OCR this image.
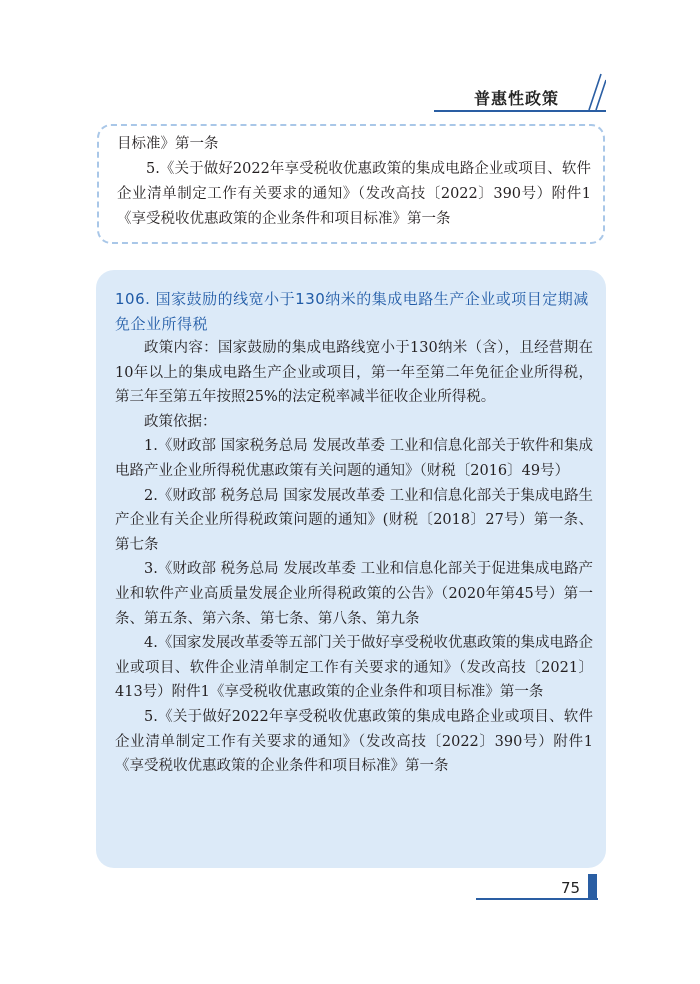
普惠性政策

目标准》第一条

5.《关于做好2022年享受税收优惠政策的集成电路企业或项目、软件企业清单制定工作有关要求的通知》（发改高技〔2022〕390号）附件1《享受税收优惠政策的企业条件和项目标准》第一条

106. 国家鼓励的线宽小于130纳米的集成电路生产企业或项目定期减免企业所得税

政策内容：国家鼓励的集成电路线宽小于130纳米（含），且经营期在10年以上的集成电路生产企业或项目，第一年至第二年免征企业所得税，第三年至第五年按照25%的法定税率减半征收企业所得税。

政策依据：

1.《财政部 国家税务总局 发展改革委 工业和信息化部关于软件和集成电路产业企业所得税优惠政策有关问题的通知》（财税〔2016〕49号）

2.《财政部 税务总局 国家发展改革委 工业和信息化部关于集成电路生产企业有关企业所得税政策问题的通知》(财税〔2018〕27号）第一条、第七条

3.《财政部 税务总局 发展改革委 工业和信息化部关于促进集成电路产业和软件产业高质量发展企业所得税政策的公告》（2020年第45号）第一条、第五条、第六条、第七条、第八条、第九条

4.《国家发展改革委等五部门关于做好享受税收优惠政策的集成电路企业或项目、软件企业清单制定工作有关要求的通知》（发改高技〔2021〕413号）附件1《享受税收优惠政策的企业条件和项目标准》第一条

5.《关于做好2022年享受税收优惠政策的集成电路企业或项目、软件企业清单制定工作有关要求的通知》（发改高技〔2022〕390号）附件1《享受税收优惠政策的企业条件和项目标准》第一条

75
